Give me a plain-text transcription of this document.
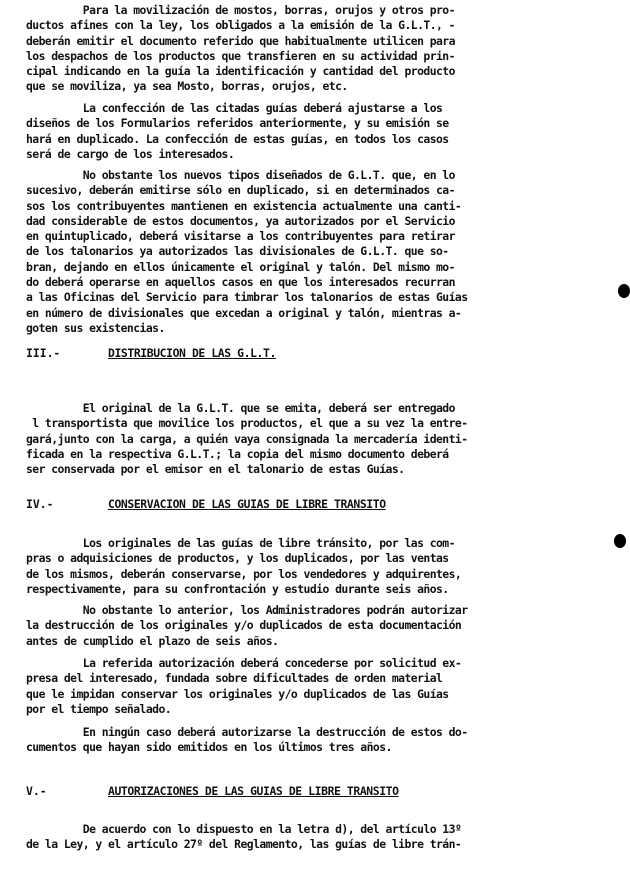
Para la movilización de mostos, borras, orujos y otros pro-
ductos afines con la ley, los obligados a la emisión de la G.L.T., -
deberán emitir el documento referido que habitualmente utilicen para
los despachos de los productos que transfieren en su actividad prin-
cipal indicando en la guía la identificación y cantidad del producto
que se moviliza, ya sea Mosto, borras, orujos, etc.
La confección de las citadas guías deberá ajustarse a los
diseños de los Formularios referidos anteriormente, y su emisión se
hará en duplicado. La confección de estas guías, en todos los casos
será de cargo de los interesados.
No obstante los nuevos tipos diseñados de G.L.T. que, en lo
sucesivo, deberán emitirse sólo en duplicado, si en determinados ca-
sos los contribuyentes mantienen en existencia actualmente una canti-
dad considerable de estos documentos, ya autorizados por el Servicio
en quintuplicado, deberá visitarse a los contribuyentes para retirar
de los talonarios ya autorizados las divisionales de G.L.T. que so-
bran, dejando en ellos únicamente el original y talón. Del mismo mo-
do deberá operarse en aquellos casos en que los interesados recurran
a las Oficinas del Servicio para timbrar los talonarios de estas Guías
en número de divisionales que excedan a original y talón, mientras a-
goten sus existencias.
El original de la G.L.T. que se emita, deberá ser entregado
l transportista que movilice los productos, el que a su vez la entre-
gará,junto con la carga, a quién vaya consignada la mercadería identi-
ficada en la respectiva G.L.T.; la copia del mismo documento deberá
ser conservada por el emisor en el talonario de estas Guías.
Los originales de las guías de libre tránsito, por las com-
pras o adquisiciones de productos, y los duplicados, por las ventas
de los mismos, deberán conservarse, por los vendedores y adquirentes,
respectivamente, para su confrontación y estudio durante seis años.
No obstante lo anterior, los Administradores podrán autorizar
la destrucción de los originales y/o duplicados de esta documentación
antes de cumplido el plazo de seis años.
La referida autorización deberá concederse por solicitud ex-
presa del interesado, fundada sobre dificultades de orden material
que le impidan conservar los originales y/o duplicados de las Guías
por el tiempo señalado.
En ningún caso deberá autorizarse la destrucción de estos do-
cumentos que hayan sido emitidos en los últimos tres años.
De acuerdo con lo dispuesto en la letra d), del artículo 13º
de la Ley, y el artículo 27º del Reglamento, las guías de libre trán-
III.-	DISTRIBUCION DE LAS G.L.T.
IV.-	CONSERVACION DE LAS GUIAS DE LIBRE TRANSITO
V.-	AUTORIZACIONES DE LAS GUIAS DE LIBRE TRANSITO
